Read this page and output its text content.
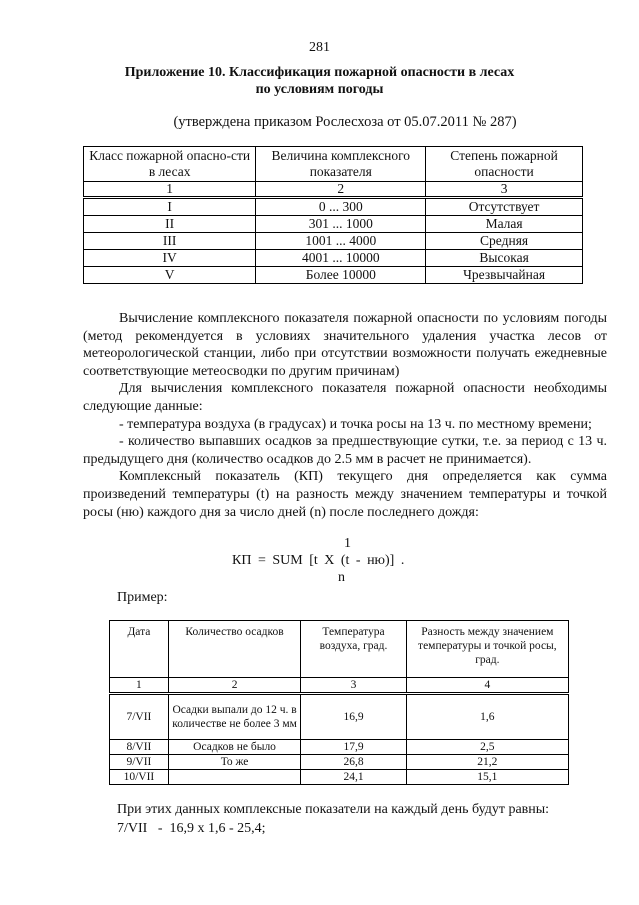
281
Приложение 10. Классификация пожарной опасности в лесах
по условиям погоды
(утверждена приказом Рослесхоза от 05.07.2011 № 287)
Класс пожарной опасно-сти в лесах	Величина комплексного показателя	Степень пожарной опасности
1	2	3
I	0 ... 300	Отсутствует
II	301 ... 1000	Малая
III	1001 ... 4000	Средняя
IV	4001 ... 10000	Высокая
V	Более 10000	Чрезвычайная

Вычисление комплексного показателя пожарной опасности по условиям погоды (метод рекомендуется в условиях значительного удаления участка лесов от метеорологической станции, либо при отсутствии возможности получать ежедневные соответствующие метеосводки по другим причинам)

Для вычисления комплексного показателя пожарной опасности необходимы следующие данные:

- температура воздуха (в градусах) и точка росы на 13 ч. по местному времени;

- количество выпавших осадков за предшествующие сутки, т.е. за период с 13 ч. предыдущего дня (количество осадков до 2.5 мм в расчет не принимается).

Комплексный показатель (КП) текущего дня определяется как сумма произведений температуры (t) на разность между значением температуры и точкой росы (ню) каждого дня за число дней (n) после последнего дождя:

1
КП = SUM [t X (t - ню)] .
n
Пример:
Дата	Количество осадков	Температура воздуха, град.	Разность между значением температуры и точкой росы, град.
1	2	3	4
7/VII	Осадки выпали до 12 ч. в количестве не более 3 мм	16,9	1,6
8/VII	Осадков не было	17,9	2,5
9/VII	То же	26,8	21,2
10/VII		24,1	15,1
При этих данных комплексные показатели на каждый день будут равны:
7/VII   -  16,9 х 1,6 - 25,4;
